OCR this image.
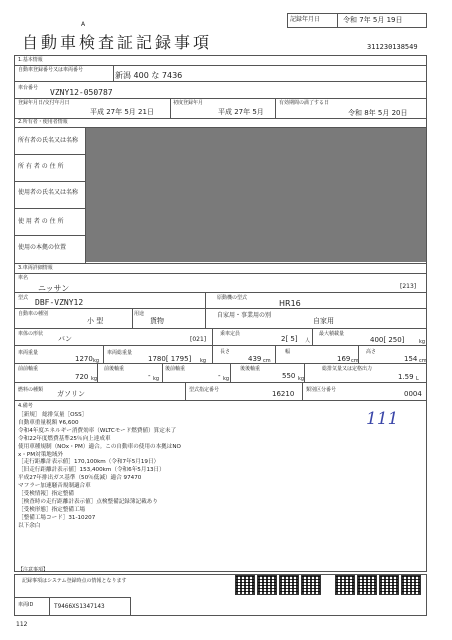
A
自動車検査証記録事項
記録年月日	令和 7年 5月 19日
311230138549
1.基本情報
自動車登録番号又は車両番号
新潟 400 な 7436
車台番号 VZNY12-050787
登録年月日/交付年月日
平成 27年 5月 21日
初度登録年月
平成 27年 5月
有効期間の満了する日
令和 8年 5月 20日
2.所有者・使用者情報
所有者の氏名又は名称
所 有 者 の 住 所
使用者の氏名又は名称
使 用 者 の 住 所
使用の本拠の位置
3.車両詳細情報
車名
ニッサン	[213]
型式 DBF-VZNY12	原動機の型式
HR16
自動車の種別
小 型
用途
貨物
自家用・事業用の別
自家用
車体の形状
バン	[021]
乗車定員
2[ 5] 人
最大積載量
400[ 250]	kg
車両重量
1270 kg
車両総重量
1780[ 1795] kg
長さ
439 cm
幅
169 cm
高さ
154 cm
前前軸重
720 kg
前後軸重
- kg
後前軸重
- kg
後後軸重
550 kg
総排気量又は定格出力
1.59 L
燃料の種類 ガソリン	型式指定番号	16210 類別区分番号	0004
4.備考
［新規］ 総排気量［OSS］
自動車重量税額 ¥6,600
令和4年度エネルギー消費効率（WLTCモード燃費値）算定未了
令和22年度燃費基準25％向上達成車
使用車種規制（NOx・PM）適合。この自動車の使用の本拠はNO
x・PM対策地域外
［走行距離計表示値］170,100km（令和7年5月19日）
［旧走行距離計表示値］153,400km（令和6年5月13日）
平成27年排出ガス基準（50％低減）適合 97470
マフラー加速騒音規制適合車
［受検情報］指定整備
［検査時の走行距離計表示値］点検整備記録簿記載あり
［受検形態］指定整備工場
［整備工場コード］31-10207
以下余白
111
【注意事項】
記録事項はシステム登録時点の情報となります
車両ID	T9466XS1347143
112
